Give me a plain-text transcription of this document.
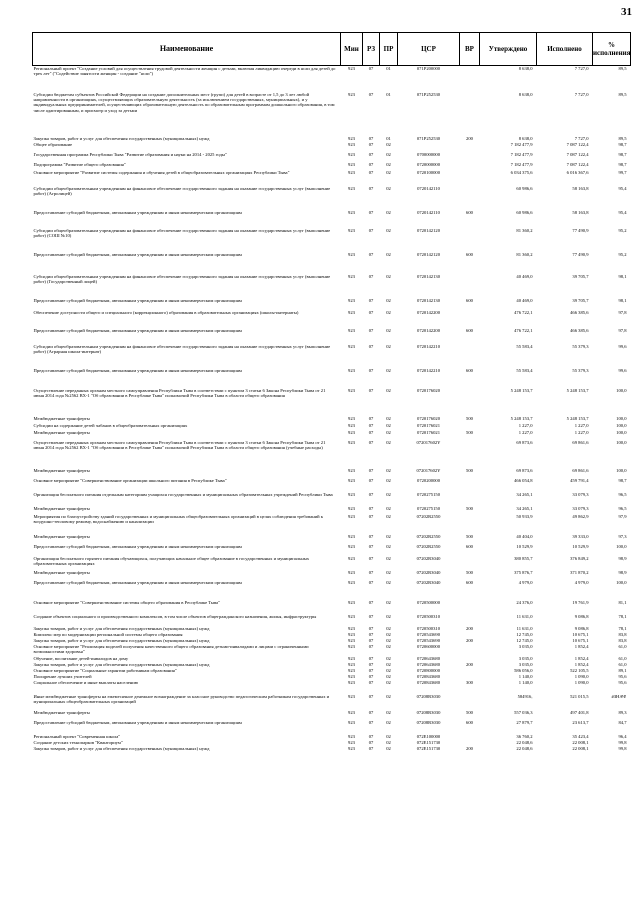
31
Наименование	Мин	РЗ	ПР	ЦСР	ВР	Утверждено	Исполнено	% исполнения
Региональный проект "Создание условий для осуществления трудовой деятельности женщин с детьми, включая ликвидацию очереди в ясли для детей до трех лет" ("Содействие занятости женщин - создание "ясли")	923	07	01	071P200000		8 638,0	7 727,0	89,5
Субсидии бюджетам субъектов Российской Федерации на создание дополнительных мест (групп) для детей в возрасте от 1,5 до 3 лет любой направленности в организациях, осуществляющих образовательную деятельность (за исключением государственных, муниципальных), и у индивидуальных предпринимателей, осуществляющих образовательную деятельность по образовательным программам дошкольного образования, в том числе адаптированным, и присмотр и уход за детьми	923	07	01	071P252530		8 638,0	7 727,0	89,5
Закупка товаров, работ и услуг для обеспечения государственных (муниципальных) нужд	923	07	01	071P252530	200	8 638,0	7 727,0	89,5
Общее образование	923	07	02			7 182 477,9	7 087 122,4	98,7
Государственная программа Республики Тыва "Развитие образования и науки на 2014 - 2025 годы"	923	07	02	0700000000		7 182 477,9	7 087 122,4	98,7
Подпрограмма "Развитие общего образования"	923	07	02	0720000000		7 182 477,9	7 087 122,4	98,7
Основное мероприятие "Развитие системы содержания и обучения детей в общеобразовательных организациях Республики Тыва"	923	07	02	0720100000		6 034 375,6	6 016 367,6	99,7
Субсидии общеобразовательным учреждениям на финансовое обеспечение государственного задания на оказание государственных услуг (выполнение работ) (Агролицей)	923	07	02	0720142110		60 986,6	58 163,8	95,4
Предоставление субсидий бюджетным, автономным учреждениям и иным некоммерческим организациям	923	07	02	0720142110	600	60 986,6	58 163,8	95,4
Субсидии общеобразовательным учреждениям на финансовое обеспечение государственного задания на оказание государственных услуг (выполнение работ) (СОШ №10)	923	07	02	0720142120		81 360,2	77 490,9	95,2
Предоставление субсидий бюджетным, автономным учреждениям и иным некоммерческим организациям	923	07	02	0720142120	600	81 360,2	77 490,9	95,2
Субсидии общеобразовательным учреждениям на финансовое обеспечение государственного задания на оказание государственных услуг (выполнение работ) (Государственный лицей)	923	07	02	0720142130		40 469,0	39 705,7	98,1
Предоставление субсидий бюджетным, автономным учреждениям и иным некоммерческим организациям	923	07	02	0720142130	600	40 469,0	39 705,7	98,1
Обеспечение доступности общего и специального (коррекционного) образования в образовательных организациях (школы-интернаты)	923	07	02	0720142200		476 722,1	466 385,6	97,8
Предоставление субсидий бюджетным, автономным учреждениям и иным некоммерческим организациям	923	07	02	0720142200	600	476 722,1	466 385,6	97,8
Субсидии общеобразовательным учреждениям на финансовое обеспечение государственного задания на оказание государственных услуг (выполнение работ) (Аграрная школа-интернат)	923	07	02	0720142210		55 583,4	55 379,3	99,6
Предоставление субсидий бюджетным, автономным учреждениям и иным некоммерческим организациям	923	07	02	0720142210	600	55 583,4	55 379,3	99,6
Осуществление переданных органам местного самоуправления Республики Тыва в соответствии с пунктом 3 статьи 6 Закона Республики Тыва от 21 июня 2014 года №2562 ВХ-1 "Об образовании в Республике Тыва" полномочий Республики Тыва в области общего образования	923	07	02	0720176020		5 248 153,7	5 248 153,7	100,0
Межбюджетные трансферты	923	07	02	0720176020	500	5 248 153,7	5 248 153,7	100,0
Субсидии на содержание детей чабанов в общеобразовательных организациях	923	07	02	0720176021		1 227,0	1 227,0	100,0
Межбюджетные трансферты	923	07	02	0720176021	500	1 227,0	1 227,0	100,0
Осуществление переданных органам местного самоуправления Республики Тыва в соответствии с пунктом 3 статьи 6 Закона Республики Тыва от 21 июня 2014 года №2562 ВХ-1 "Об образовании в Республике Тыва" полномочий Республики Тыва в области общего образования (учебные расходы)	923	07	02	072017602Y		69 873,6	69 861,6	100,0
Межбюджетные трансферты	923	07	02	072017602Y	500	69 873,6	69 861,6	100,0
Основное мероприятие "Совершенствование организации школьного питания в Республике Тыва"	923	07	02	0720200000		466 054,8	459 791,4	98,7
Организация бесплатного питания отдельным категориям учащихся государственных и муниципальных образовательных учреждений Республики Тыва	923	07	02	0720275150		34 265,1	33 079,3	96,5
Межбюджетные трансферты	923	07	02	0720275150	500	34 265,1	33 079,3	96,5
Мероприятия по благоустройству зданий государственных и муниципальных общеобразовательных организаций в целях соблюдения требований к воздушно-тепловому режиму, водоснабжению и канализации	923	07	02	07202R2550		50 933,9	49 862,9	97,9
Межбюджетные трансферты	923	07	02	07202R2550	500	40 404,0	39 333,0	97,3
Предоставление субсидий бюджетным, автономным учреждениям и иным некоммерческим организациям	923	07	02	07202R2550	600	10 529,9	10 529,9	100,0
Организация бесплатного горячего питания обучающихся, получающих начальное общее образование в государственных и муниципальных образовательных организациях	923	07	02	07202R3040		380 855,7	376 849,2	98,9
Межбюджетные трансферты	923	07	02	07202R3040	500	375 876,7	371 870,2	98,9
Предоставление субсидий бюджетным, автономным учреждениям и иным некоммерческим организациям	923	07	02	07202R3040	600	4 979,0	4 979,0	100,0
Основное мероприятие "Совершенствование системы общего образования в Республике Тыва"	923	07	02	0720500000		24 376,0	19 761,9	81,1
Создание объектов социального и производственного комплексов, в том числе объектов общегражданского назначения, жилья, инфраструктуры	923	07	02	0720500310		11 631,0	9 086,8	78,1
Закупка товаров, работ и услуг для обеспечения государственных (муниципальных) нужд	923	07	02	0720500310	200	11 631,0	9 086,8	78,1
Комплекс мер по модернизации региональной системы общего образования	923	07	02	0720543690		12 745,0	10 675,1	83,8
Закупка товаров, работ и услуг для обеспечения государственных (муниципальных) нужд	923	07	02	0720543690	200	12 745,0	10 675,1	83,8
Основное мероприятие "Реализация моделей получения качественного общего образования детьми-инвалидами и лицами с ограниченными возможностями здоровья"	923	07	02	0720600000		3 035,0	1 852,4	61,0
Обучение, воспитание детей-инвалидов на дому	923	07	02	0720643680		3 035,0	1 852,4	61,0
Закупка товаров, работ и услуг для обеспечения государственных (муниципальных) нужд	923	07	02	0720643680	200	3 035,0	1 852,4	61,0
Основное мероприятие "Социальные гарантии работникам образования"	923	07	02	0720800000		586 056,0	522 105,5	89,1
Поощрение лучших учителей	923	07	02	0720843680		1 140,0	1 090,0	95,6
Социальное обеспечение и иные выплаты населению	923	07	02	0720843680	300	1 140,0	1 090,0	95,6
Иные межбюджетные трансферты на ежемесячное денежное вознаграждение за классное руководство педагогическим работникам государственных и муниципальных общеобразовательных организаций	923	07	02	07208R3030		584916,	521 015,5	#ЗНАЧ!
Межбюджетные трансферты	923	07	02	07208R3030	500	557 036,3	497 401,8	89,3
Предоставление субсидий бюджетным, автономным учреждениям и иным некоммерческим организациям	923	07	02	07208R3030	600	27 879,7	23 613,7	84,7
Региональный проект "Современная школа"	923	07	02	072E100000		36 760,2	35 423,4	96,4
Создание детских технопарков "Кванториум"	923	07	02	072E151730		22 048,6	22 008,1	99,8
Закупка товаров, работ и услуг для обеспечения государственных (муниципальных) нужд	923	07	02	072E151730	200	22 048,6	22 008,1	99,8
